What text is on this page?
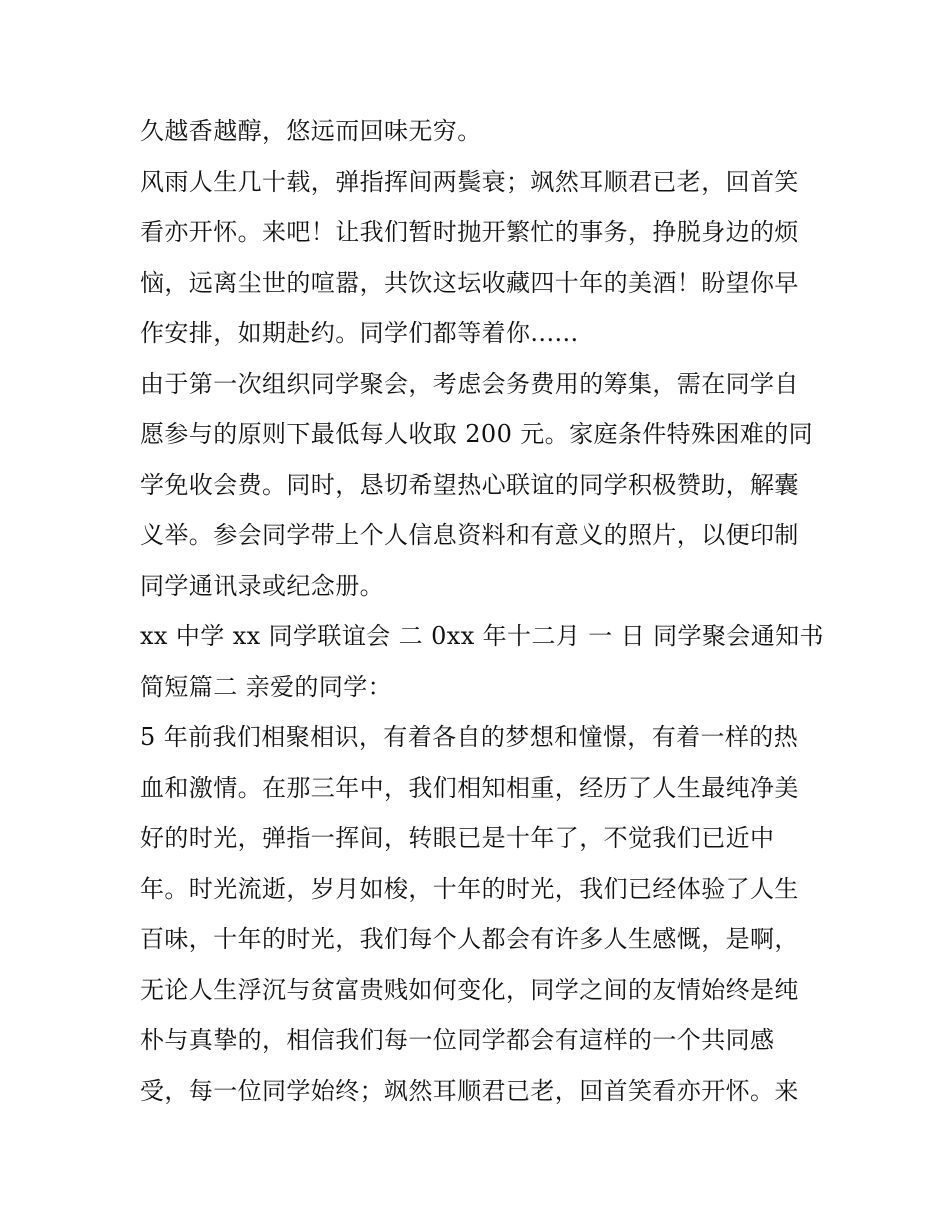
久越香越醇，悠远而回味无穷。
风雨人生几十载，弹指挥间两鬓衰；飒然耳顺君已老，回首笑
看亦开怀。来吧！让我们暂时抛开繁忙的事务，挣脱身边的烦
恼，远离尘世的喧嚣，共饮这坛收藏四十年的美酒！盼望你早
作安排，如期赴约。同学们都等着你......
由于第一次组织同学聚会，考虑会务费用的筹集，需在同学自
愿参与的原则下最低每人收取 200 元。家庭条件特殊困难的同
学免收会费。同时，恳切希望热心联谊的同学积极赞助，解囊
义举。参会同学带上个人信息资料和有意义的照片，以便印制
同学通讯录或纪念册。
xx 中学 xx 同学联谊会 二 0xx 年十二月 一 日 同学聚会通知书
简短篇二 亲爱的同学：
5 年前我们相聚相识，有着各自的梦想和憧憬，有着一样的热
血和激情。在那三年中，我们相知相重，经历了人生最纯净美
好的时光，弹指一挥间，转眼已是十年了，不觉我们已近中
年。时光流逝，岁月如梭，十年的时光，我们已经体验了人生
百味，十年的时光，我们每个人都会有许多人生感慨，是啊，
无论人生浮沉与贫富贵贱如何变化，同学之间的友情始终是纯
朴与真挚的，相信我们每一位同学都会有這样的一个共同感
受，每一位同学始终；飒然耳顺君已老，回首笑看亦开怀。来
